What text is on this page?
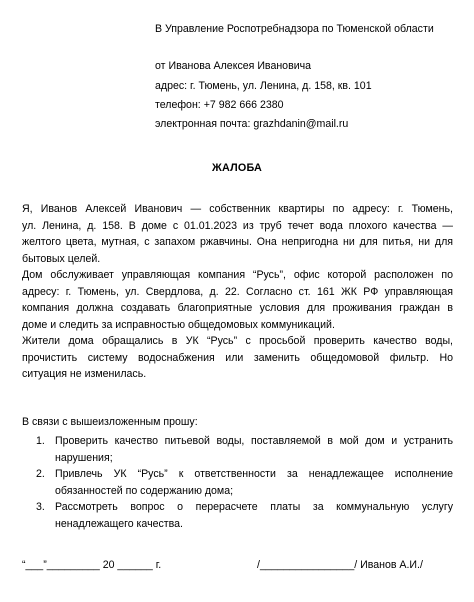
В Управление Роспотребнадзора по Тюменской области
от Иванова Алексея Ивановича
адрес: г. Тюмень, ул. Ленина, д. 158, кв. 101
телефон: +7 982 666 2380
электронная почта: grazhdanin@mail.ru
ЖАЛОБА
Я, Иванов Алексей Иванович — собственник квартиры по адресу: г. Тюмень,
ул. Ленина, д. 158. В доме с 01.01.2023 из труб течет вода плохого качества —
желтого цвета, мутная, с запахом ржавчины. Она непригодна ни для питья, ни для
бытовых целей.
Дом обслуживает управляющая компания “Русь”, офис которой расположен по
адресу: г. Тюмень, ул. Свердлова, д. 22. Согласно ст. 161 ЖК РФ управляющая
компания должна создавать благоприятные условия для проживания граждан в
доме и следить за исправностью общедомовых коммуникаций.
Жители дома обращались в УК “Русь” с просьбой проверить качество воды,
прочистить систему водоснабжения или заменить общедомовой фильтр. Но
ситуация не изменилась.
В связи с вышеизложенным прошу:
1. Проверить качество питьевой воды, поставляемой в мой дом и устранить
нарушения;
2. Привлечь УК “Русь” к ответственности за ненадлежащее исполнение
обязанностей по содержанию дома;
3. Рассмотреть вопрос о перерасчете платы за коммунальную услугу
ненадлежащего качества.
“___”_________ 20 ______ г.	/________________/ Иванов А.И./
